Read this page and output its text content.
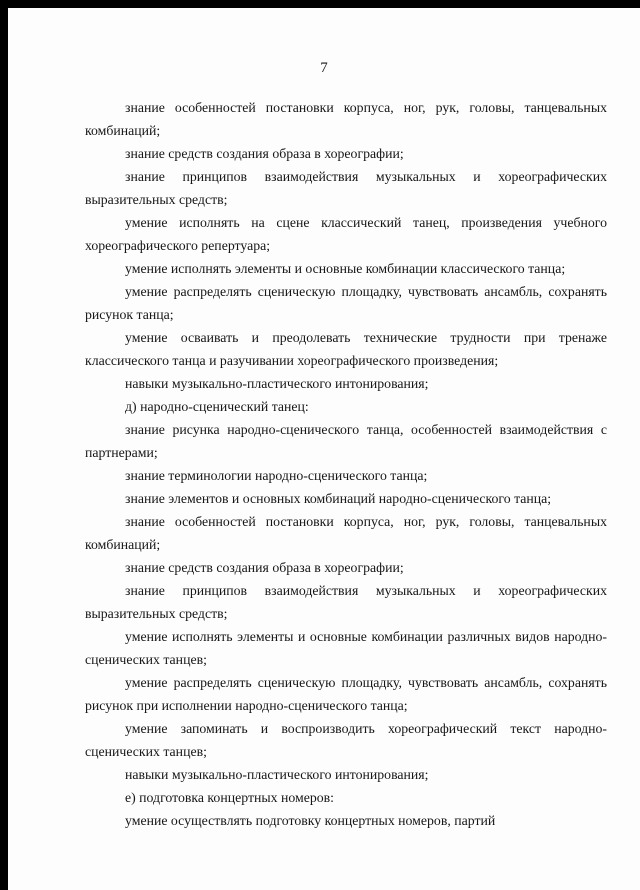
7

знание особенностей постановки корпуса, ног, рук, головы, танцевальных комбинаций;

знание средств создания образа в хореографии;

знание принципов взаимодействия музыкальных и хореографических выразительных средств;

умение исполнять на сцене классический танец, произведения учебного хореографического репертуара;

умение исполнять элементы и основные комбинации классического танца;

умение распределять сценическую площадку, чувствовать ансамбль, сохранять рисунок танца;

умение осваивать и преодолевать технические трудности при тренаже классического танца и разучивании хореографического произведения;

навыки музыкально-пластического интонирования;

д) народно-сценический танец:

знание рисунка народно-сценического танца, особенностей взаимодействия с партнерами;

знание терминологии народно-сценического танца;

знание элементов и основных комбинаций народно-сценического танца;

знание особенностей постановки корпуса, ног, рук, головы, танцевальных комбинаций;

знание средств создания образа в хореографии;

знание принципов взаимодействия музыкальных и хореографических выразительных средств;

умение исполнять элементы и основные комбинации различных видов народно-сценических танцев;

умение распределять сценическую площадку, чувствовать ансамбль, сохранять рисунок при исполнении народно-сценического танца;

умение запоминать и воспроизводить хореографический текст народно-сценических танцев;

навыки музыкально-пластического интонирования;

е) подготовка концертных номеров:

умение осуществлять подготовку концертных номеров, партий
